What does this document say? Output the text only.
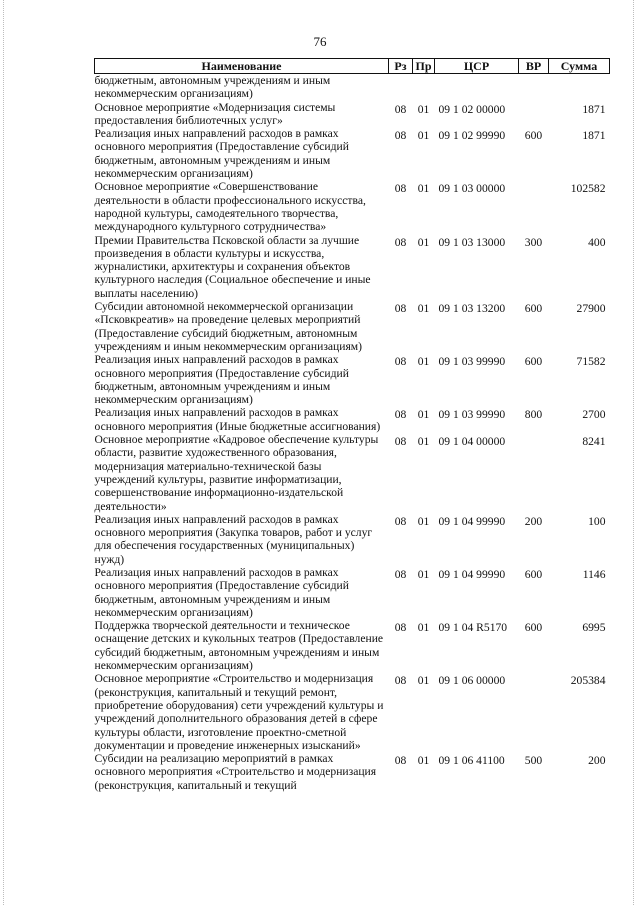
76
Наименование	Рз	Пр	ЦСР	ВР	Сумма
бюджетным, автономным учреждениям и иным некоммерческим организациям)					
Основное мероприятие «Модернизация системы предоставления библиотечных услуг»	08	01	09 1 02 00000		1871
Реализация иных направлений расходов в рамках основного мероприятия (Предоставление субсидий бюджетным, автономным учреждениям и иным некоммерческим организациям)	08	01	09 1 02 99990	600	1871
Основное мероприятие «Совершенствование деятельности в области профессионального искусства, народной культуры, самодеятельного творчества, международного культурного сотрудничества»	08	01	09 1 03 00000		102582
Премии Правительства Псковской области за лучшие произведения в области культуры и искусства, журналистики, архитектуры и сохранения объектов культурного наследия (Социальное обеспечение и иные выплаты населению)	08	01	09 1 03 13000	300	400
Субсидии автономной некоммерческой организации «Псковкреатив» на проведение целевых мероприятий (Предоставление субсидий бюджетным, автономным учреждениям и иным некоммерческим организациям)	08	01	09 1 03 13200	600	27900
Реализация иных направлений расходов в рамках основного мероприятия (Предоставление субсидий бюджетным, автономным учреждениям и иным некоммерческим организациям)	08	01	09 1 03 99990	600	71582
Реализация иных направлений расходов в рамках основного мероприятия (Иные бюджетные ассигнования)	08	01	09 1 03 99990	800	2700
Основное мероприятие «Кадровое обеспечение культуры области, развитие художественного образования, модернизация материально-технической базы учреждений культуры, развитие информатизации, совершенствование информационно-издательской деятельности»	08	01	09 1 04 00000		8241
Реализация иных направлений расходов в рамках основного мероприятия (Закупка товаров, работ и услуг для обеспечения государственных (муниципальных) нужд)	08	01	09 1 04 99990	200	100
Реализация иных направлений расходов в рамках основного мероприятия (Предоставление субсидий бюджетным, автономным учреждениям и иным некоммерческим организациям)	08	01	09 1 04 99990	600	1146
Поддержка творческой деятельности и техническое оснащение детских и кукольных театров (Предоставление субсидий бюджетным, автономным учреждениям и иным некоммерческим организациям)	08	01	09 1 04 R5170	600	6995
Основное мероприятие «Строительство и модернизация (реконструкция, капитальный и текущий ремонт, приобретение оборудования) сети учреждений культуры и учреждений дополнительного образования детей в сфере культуры области, изготовление проектно-сметной документации и проведение инженерных изысканий»	08	01	09 1 06 00000		205384
Субсидии на реализацию мероприятий в рамках основного мероприятия «Строительство и модернизация (реконструкция, капитальный и текущий	08	01	09 1 06 41100	500	200
